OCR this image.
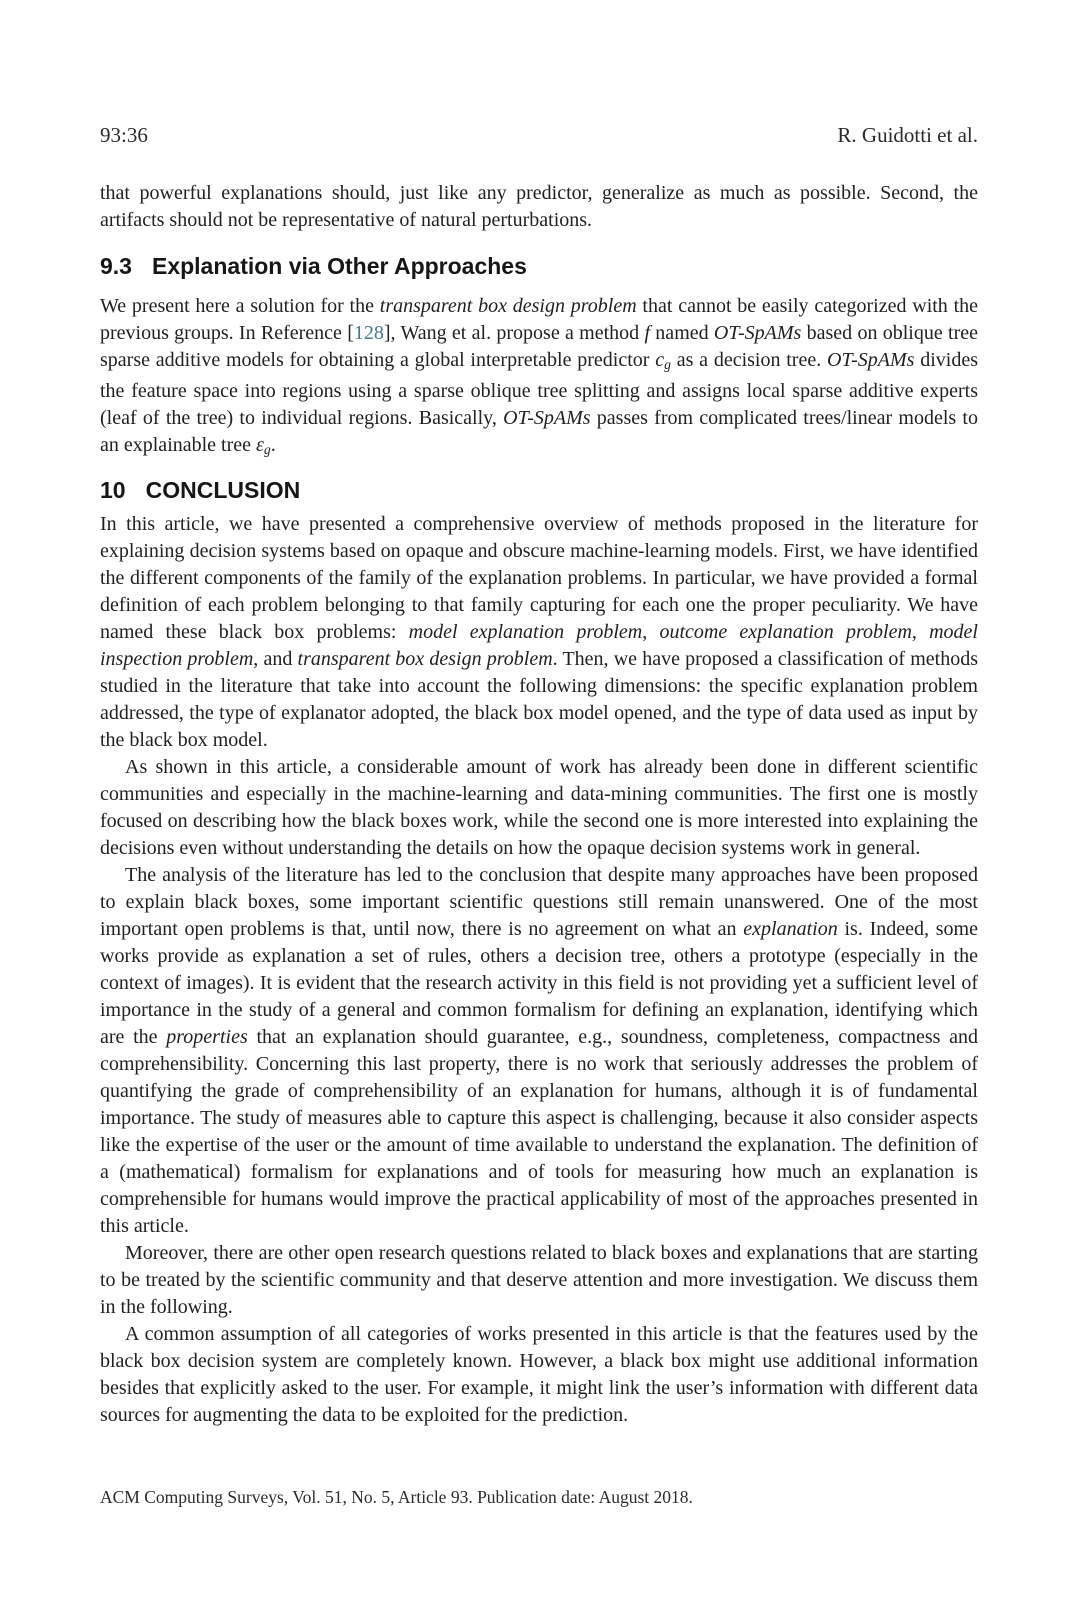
93:36	R. Guidotti et al.

that powerful explanations should, just like any predictor, generalize as much as possible. Second, the artifacts should not be representative of natural perturbations.

9.3 Explanation via Other Approaches

We present here a solution for the transparent box design problem that cannot be easily categorized with the previous groups. In Reference [128], Wang et al. propose a method f named OT-SpAMs based on oblique tree sparse additive models for obtaining a global interpretable predictor $c_g$ as a decision tree. OT-SpAMs divides the feature space into regions using a sparse oblique tree splitting and assigns local sparse additive experts (leaf of the tree) to individual regions. Basically, OT-SpAMs passes from complicated trees/linear models to an explainable tree $\varepsilon_g$.

10 CONCLUSION

In this article, we have presented a comprehensive overview of methods proposed in the literature for explaining decision systems based on opaque and obscure machine-learning models. First, we have identified the different components of the family of the explanation problems. In particular, we have provided a formal definition of each problem belonging to that family capturing for each one the proper peculiarity. We have named these black box problems: model explanation problem, outcome explanation problem, model inspection problem, and transparent box design problem. Then, we have proposed a classification of methods studied in the literature that take into account the following dimensions: the specific explanation problem addressed, the type of explanator adopted, the black box model opened, and the type of data used as input by the black box model.

As shown in this article, a considerable amount of work has already been done in different scientific communities and especially in the machine-learning and data-mining communities. The first one is mostly focused on describing how the black boxes work, while the second one is more interested into explaining the decisions even without understanding the details on how the opaque decision systems work in general.

The analysis of the literature has led to the conclusion that despite many approaches have been proposed to explain black boxes, some important scientific questions still remain unanswered. One of the most important open problems is that, until now, there is no agreement on what an explanation is. Indeed, some works provide as explanation a set of rules, others a decision tree, others a prototype (especially in the context of images). It is evident that the research activity in this field is not providing yet a sufficient level of importance in the study of a general and common formalism for defining an explanation, identifying which are the properties that an explanation should guarantee, e.g., soundness, completeness, compactness and comprehensibility. Concerning this last property, there is no work that seriously addresses the problem of quantifying the grade of comprehensibility of an explanation for humans, although it is of fundamental importance. The study of measures able to capture this aspect is challenging, because it also consider aspects like the expertise of the user or the amount of time available to understand the explanation. The definition of a (mathematical) formalism for explanations and of tools for measuring how much an explanation is comprehensible for humans would improve the practical applicability of most of the approaches presented in this article.

Moreover, there are other open research questions related to black boxes and explanations that are starting to be treated by the scientific community and that deserve attention and more investigation. We discuss them in the following.

A common assumption of all categories of works presented in this article is that the features used by the black box decision system are completely known. However, a black box might use additional information besides that explicitly asked to the user. For example, it might link the user’s information with different data sources for augmenting the data to be exploited for the prediction.

ACM Computing Surveys, Vol. 51, No. 5, Article 93. Publication date: August 2018.
